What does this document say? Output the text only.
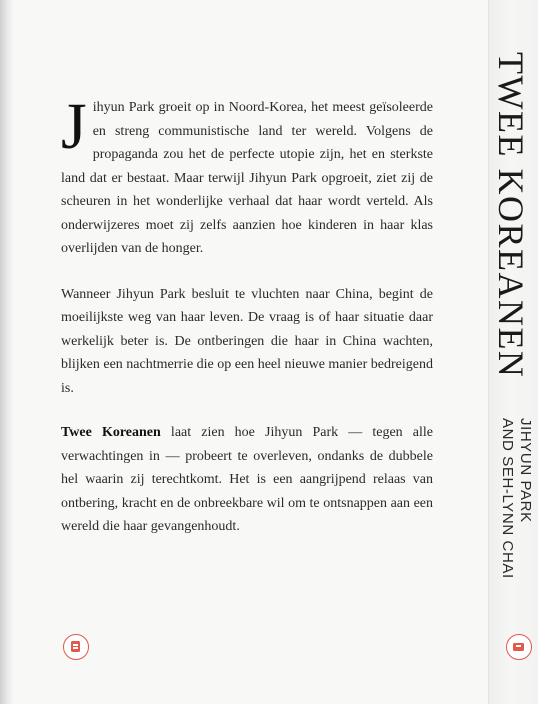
Jihyun Park groeit op in Noord-Korea, het meest geïsoleerde en streng communistische land ter wereld. Volgens de propaganda zou het de perfecte utopie zijn, het en sterkste land dat er bestaat. Maar terwijl Jihyun Park opgroeit, ziet zij de scheuren in het wonderlijke verhaal dat haar wordt verteld. Als onderwijzeres moet zij zelfs aanzien hoe kinderen in haar klas overlijden van de honger.

Wanneer Jihyun Park besluit te vluchten naar China, begint de moeilijkste weg van haar leven. De vraag is of haar situatie daar werkelijk beter is. De ontberingen die haar in China wachten, blijken een nachtmerrie die op een heel nieuwe manier bedreigend is.

Twee Koreanen laat zien hoe Jihyun Park — tegen alle verwachtingen in — probeert te overleven, ondanks de dubbele hel waarin zij terechtkomt. Het is een aangrijpend relaas van ontbering, kracht en de onbreekbare wil om te ontsnappen aan een wereld die haar gevangenhoudt.

TWEE KOREANEN
JIHYUN PARK
AND SEH-LYNN CHAI
